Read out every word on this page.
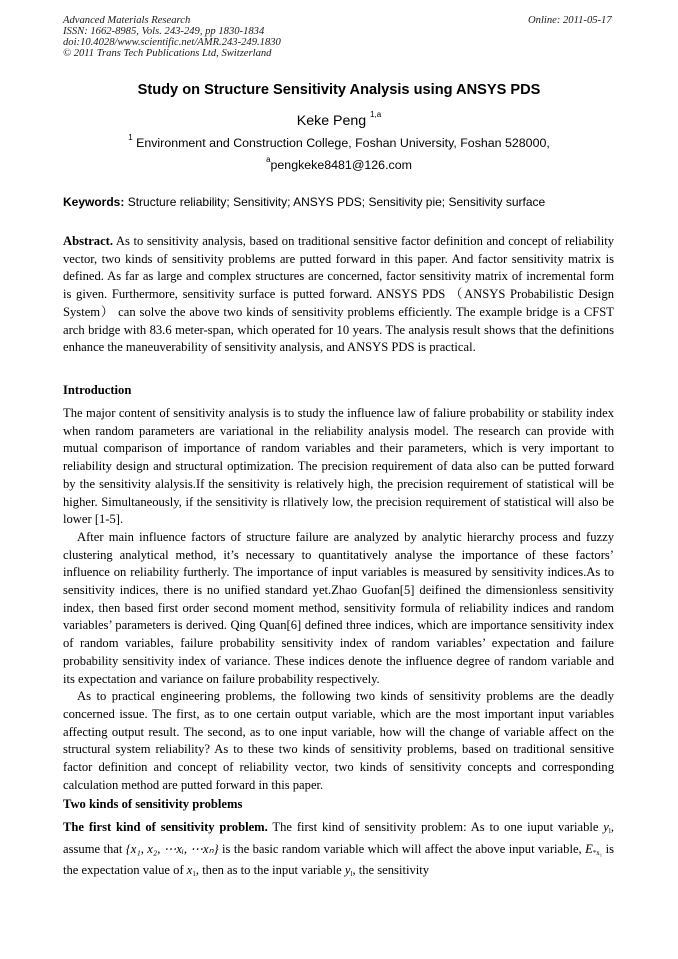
Advanced Materials Research
ISSN: 1662-8985, Vols. 243-249, pp 1830-1834
doi:10.4028/www.scientific.net/AMR.243-249.1830
© 2011 Trans Tech Publications Ltd, Switzerland
Online: 2011-05-17
Study on Structure Sensitivity Analysis using ANSYS PDS
Keke Peng $^{1,a}$
$^1$ Environment and Construction College, Foshan University, Foshan 528000,
$^a$pengkeke8481@126.com
Keywords: Structure reliability; Sensitivity; ANSYS PDS; Sensitivity pie; Sensitivity surface

Abstract. As to sensitivity analysis, based on traditional sensitive factor definition and concept of reliability vector, two kinds of sensitivity problems are putted forward in this paper. And factor sensitivity matrix is defined. As far as large and complex structures are concerned, factor sensitivity matrix of incremental form is given. Furthermore, sensitivity surface is putted forward. ANSYS PDS （ANSYS Probabilistic Design System） can solve the above two kinds of sensitivity problems efficiently. The example bridge is a CFST arch bridge with 83.6 meter-span, which operated for 10 years. The analysis result shows that the definitions enhance the maneuverability of sensitivity analysis, and ANSYS PDS is practical.

Introduction

The major content of sensitivity analysis is to study the influence law of faliure probability or stability index when random parameters are variational in the reliability analysis model. The research can provide with mutual comparison of importance of random variables and their parameters, which is very important to reliability design and structural optimization. The precision requirement of data also can be putted forward by the sensitivity alalysis.If the sensitivity is relatively high, the precision requirement of statistical will be higher. Simultaneously, if the sensitivity is rllatively low, the precision requirement of statistical will also be lower [1-5].

After main influence factors of structure failure are analyzed by analytic hierarchy process and fuzzy clustering analytical method, it’s necessary to quantitatively analyse the importance of these factors’ influence on reliability furtherly. The importance of input variables is measured by sensitivity indices.As to sensitivity indices, there is no unified standard yet.Zhao Guofan[5] deifined the dimensionless sensitivity index, then based first order second moment method, sensitivity formula of reliability indices and random variables’ parameters is derived. Qing Quan[6] defined three indices, which are importance sensitivity index of random variables, failure probability sensitivity index of random variables’ expectation and failure probability sensitivity index of variance. These indices denote the influence degree of random variable and its expectation and variance on failure probability respectively.

As to practical engineering problems, the following two kinds of sensitivity problems are the deadly concerned issue. The first, as to one certain output variable, which are the most important input variables affecting output result. The second, as to one input variable, how will the change of variable affect on the structural system reliability? As to these two kinds of sensitivity problems, based on traditional sensitive factor definition and concept of reliability vector, two kinds of sensitivity concepts and corresponding calculation method are putted forward in this paper.

Two kinds of sensitivity problems

The first kind of sensitivity problem. The first kind of sensitivity problem: As to one iuput variable $y_l$, assume that {x₁, x₂, ⋯xᵢ, ⋯xₙ} is the basic random variable which will affect the above input variable, $E^*_{x_1}$ is the expectation value of $x_1$, then as to the input variable $y_l$, the sensitivity
